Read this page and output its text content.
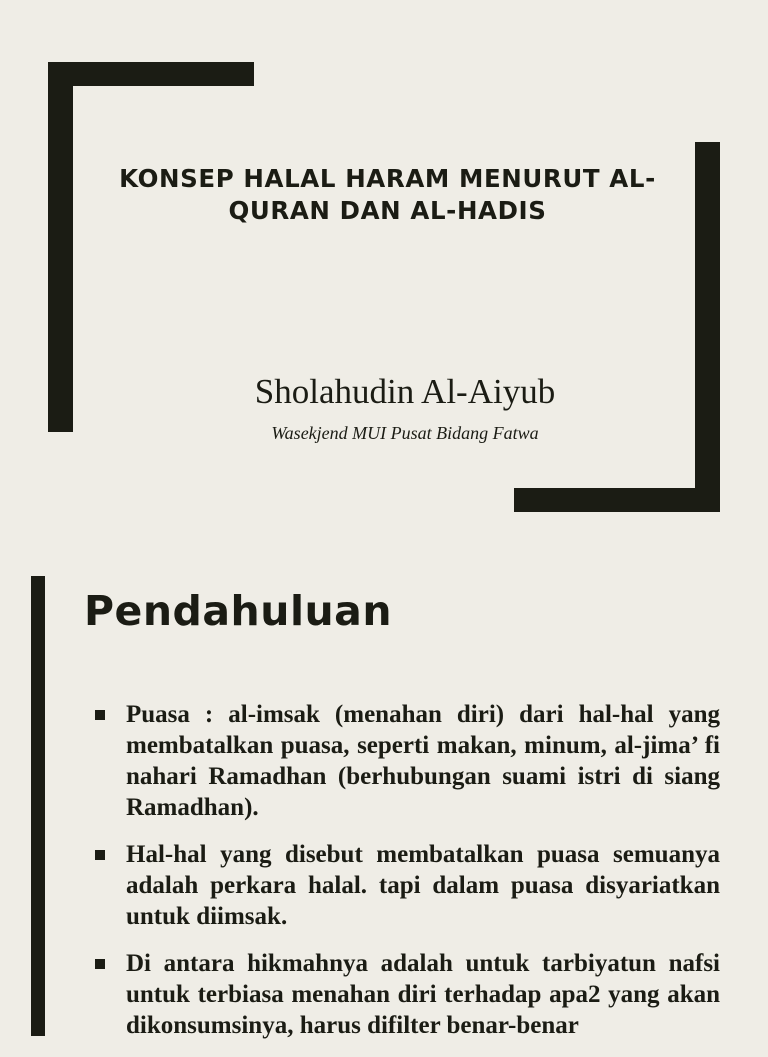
KONSEP HALAL HARAM MENURUT AL-QURAN DAN AL-HADIS
Sholahudin Al-Aiyub
Wasekjend MUI Pusat Bidang Fatwa
Pendahuluan
Puasa : al-imsak (menahan diri) dari hal-hal yang membatalkan puasa, seperti makan, minum, al-jima’ fi nahari Ramadhan (berhubungan suami istri di siang Ramadhan).
Hal-hal yang disebut membatalkan puasa semuanya adalah perkara halal. tapi dalam puasa disyariatkan untuk diimsak.
Di antara hikmahnya adalah untuk tarbiyatun nafsi untuk terbiasa menahan diri terhadap apa2 yang akan dikonsumsinya, harus difilter benar-benar
